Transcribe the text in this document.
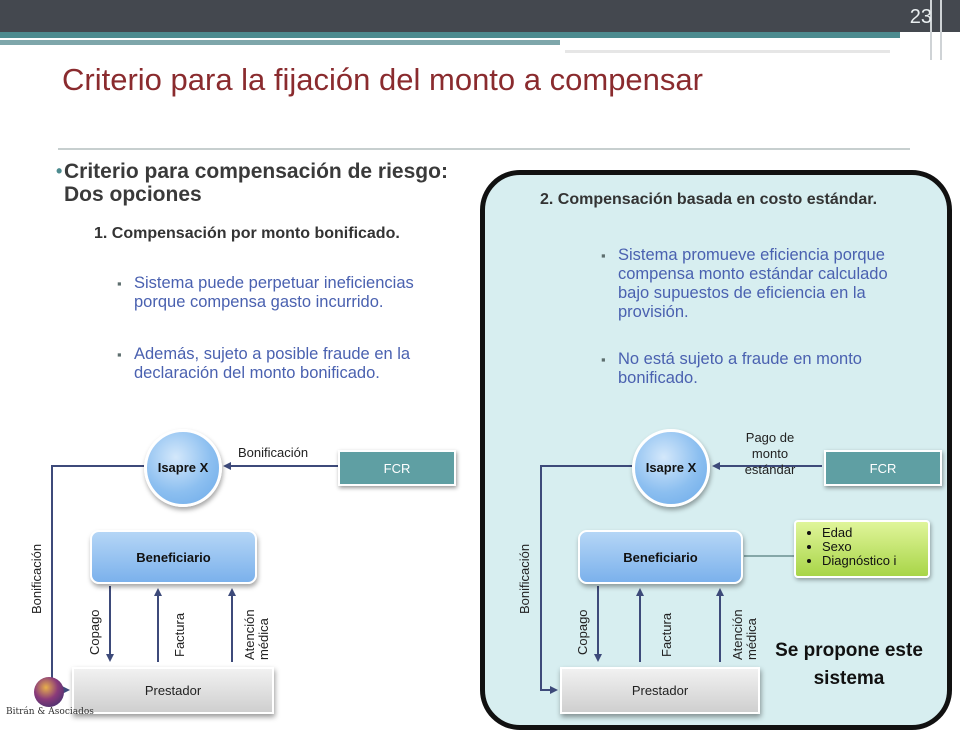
23
Criterio para la fijación del monto a compensar
• Criterio para compensación de riesgo: Dos opciones
1. Compensación por monto bonificado.
▪ Sistema puede perpetuar ineficiencias porque compensa gasto incurrido.
▪ Además, sujeto a posible fraude en la declaración del monto bonificado.
2. Compensación basada en costo estándar.
▪ Sistema promueve eficiencia porque compensa monto estándar calculado bajo supuestos de eficiencia en la provisión.
▪ No está sujeto a fraude en monto bonificado.
Isapre X	FCR
Bonificación
Beneficiario
Prestador
Bonificación
Copago	Factura	Atención médica
Isapre X	FCR
Pago de monto estándar
Beneficiario
Prestador
Bonificación
Copago	Factura	Atención médica
• Edad
• Sexo
• Diagnóstico i
Se propone este sistema
Bitrán & Asociados
